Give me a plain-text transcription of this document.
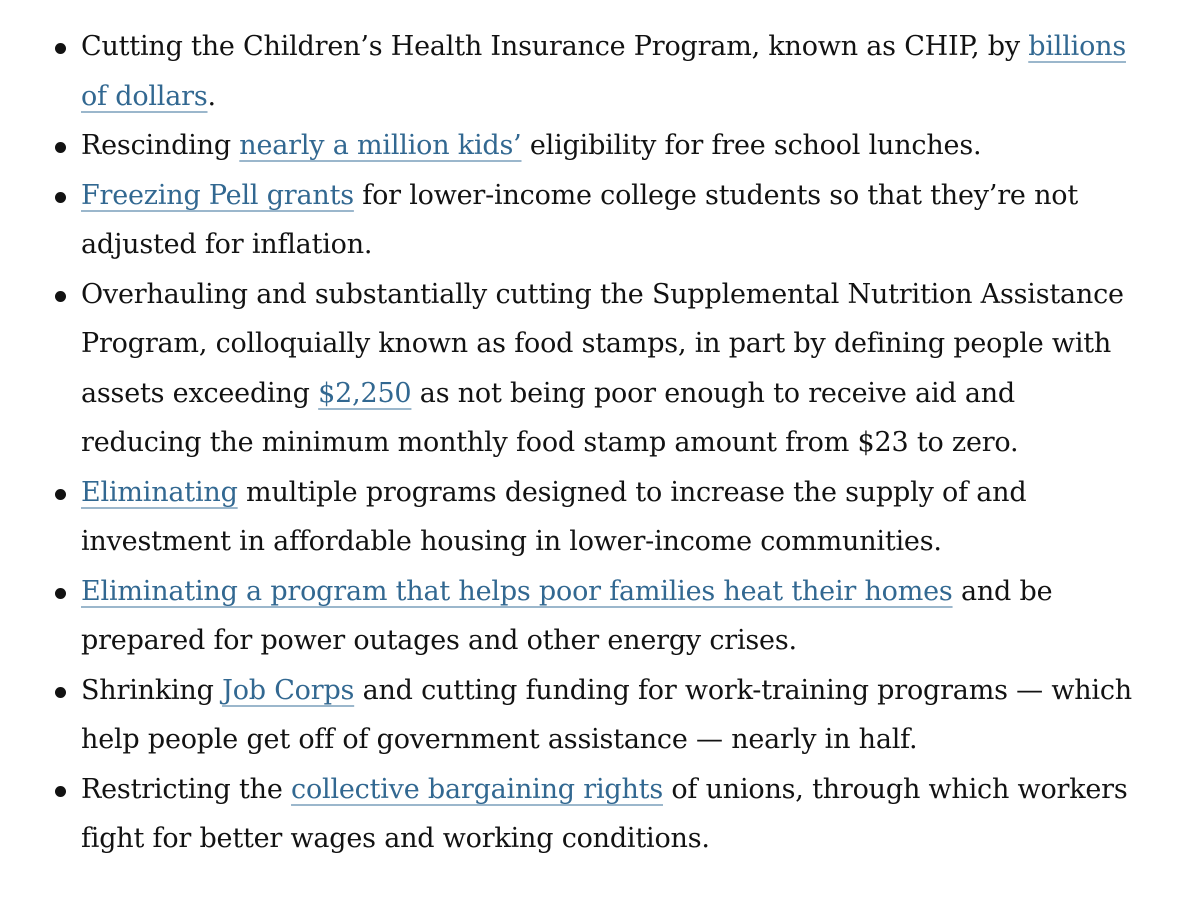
Cutting the Children’s Health Insurance Program, known as CHIP, by billions of dollars.
Rescinding nearly a million kids’ eligibility for free school lunches.
Freezing Pell grants for lower-income college students so that they’re not adjusted for inflation.
Overhauling and substantially cutting the Supplemental Nutrition Assistance Program, colloquially known as food stamps, in part by defining people with assets exceeding $2,250 as not being poor enough to receive aid and reducing the minimum monthly food stamp amount from $23 to zero.
Eliminating multiple programs designed to increase the supply of and investment in affordable housing in lower-income communities.
Eliminating a program that helps poor families heat their homes and be prepared for power outages and other energy crises.
Shrinking Job Corps and cutting funding for work-training programs — which help people get off of government assistance — nearly in half.
Restricting the collective bargaining rights of unions, through which workers fight for better wages and working conditions.
